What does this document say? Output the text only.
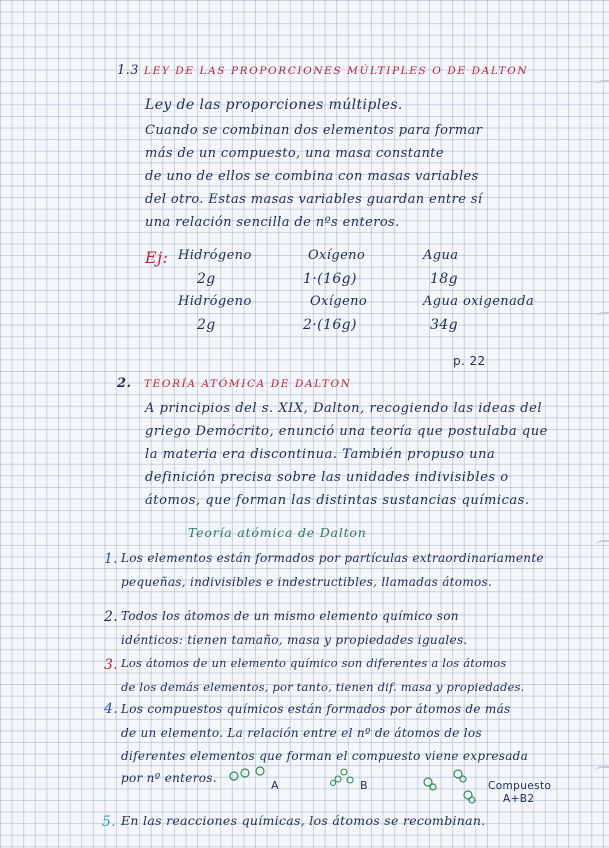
1.3 LEY DE LAS PROPORCIONES MÚLTIPLES O DE DALTON
Ley de las proporciones múltiples.
Cuando se combinan dos elementos para formar
más de un compuesto, una masa constante
de uno de ellos se combina con masas variables
del otro. Estas masas variables guardan entre sí
una relación sencilla de nºs enteros.
Ej: Hidrógeno	Oxígeno	Agua
2g	1·(16g)	18g
Hidrógeno	Oxígeno	Agua oxigenada
2g	2·(16g)	34g
p. 22
2. TEORÍA ATÓMICA DE DALTON
A principios del s. XIX, Dalton, recogiendo las ideas del
griego Demócrito, enunció una teoría que postulaba que
la materia era discontinua. También propuso una
definición precisa sobre las unidades indivisibles o
átomos, que forman las distintas sustancias químicas.
Teoría atómica de Dalton
1. Los elementos están formados por partículas extraordinariamente
pequeñas, indivisibles e indestructibles, llamadas átomos.
2. Todos los átomos de un mismo elemento químico son
idénticos: tienen tamaño, masa y propiedades iguales.
3. Los átomos de un elemento químico son diferentes a los átomos
de los demás elementos, por tanto, tienen dif. masa y propiedades.
4. Los compuestos químicos están formados por átomos de más
de un elemento. La relación entre el nº de átomos de los
diferentes elementos que forman el compuesto viene expresada
por nº enteros.
A	B	Compuesto
A+B2
5. En las reacciones químicas, los átomos se recombinan.
